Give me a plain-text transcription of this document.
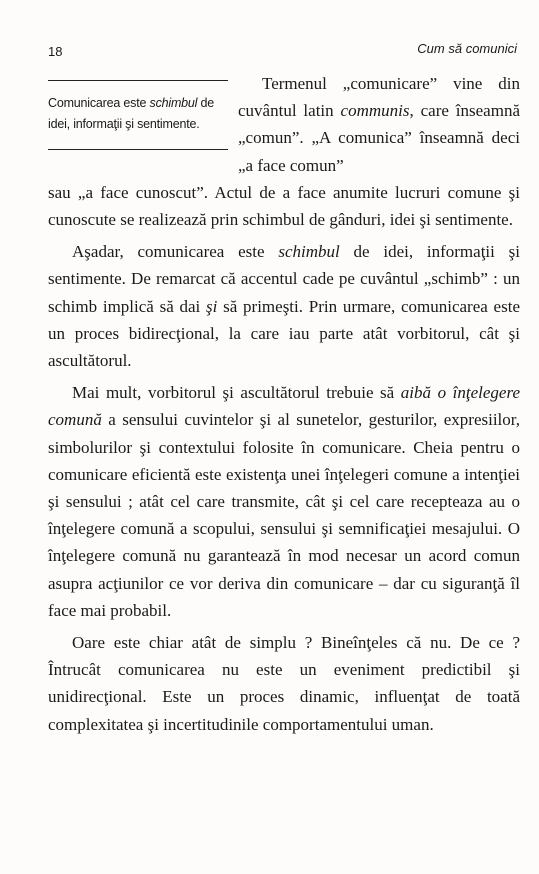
18	Cum să comunici
Comunicarea este schimbul de idei, informaţii şi sentimente.

Termenul „comunicare” vine din cuvântul latin communis, care înseamnă „comun”. „A comunica” înseamnă deci „a face comun”

sau „a face cunoscut”. Actul de a face anumite lucruri comune şi cunoscute se realizează prin schimbul de gânduri, idei şi sentimente.

Aşadar, comunicarea este schimbul de idei, informaţii şi sentimente. De remarcat că accentul cade pe cuvântul „schimb” : un schimb implică să dai şi să primeşti. Prin urmare, comunicarea este un proces bidirecţional, la care iau parte atât vorbitorul, cât şi ascultătorul.

Mai mult, vorbitorul şi ascultătorul trebuie să aibă o înţelegere comună a sensului cuvintelor şi al sunetelor, gesturilor, expresiilor, simbolurilor şi contextului folosite în comunicare. Cheia pentru o comunicare eficientă este existenţa unei înţelegeri comune a intenţiei şi sensului ; atât cel care transmite, cât şi cel care recepteaza au o înţelegere comună a scopului, sensului şi semnificaţiei mesajului. O înţelegere comună nu garantează în mod necesar un acord comun asupra acţiunilor ce vor deriva din comunicare – dar cu siguranţă îl face mai probabil.

Oare este chiar atât de simplu ? Bineînţeles că nu. De ce ? Întrucât comunicarea nu este un eveniment predictibil şi unidirecţional. Este un proces dinamic, influenţat de toată complexitatea şi incertitudinile comportamentului uman.
